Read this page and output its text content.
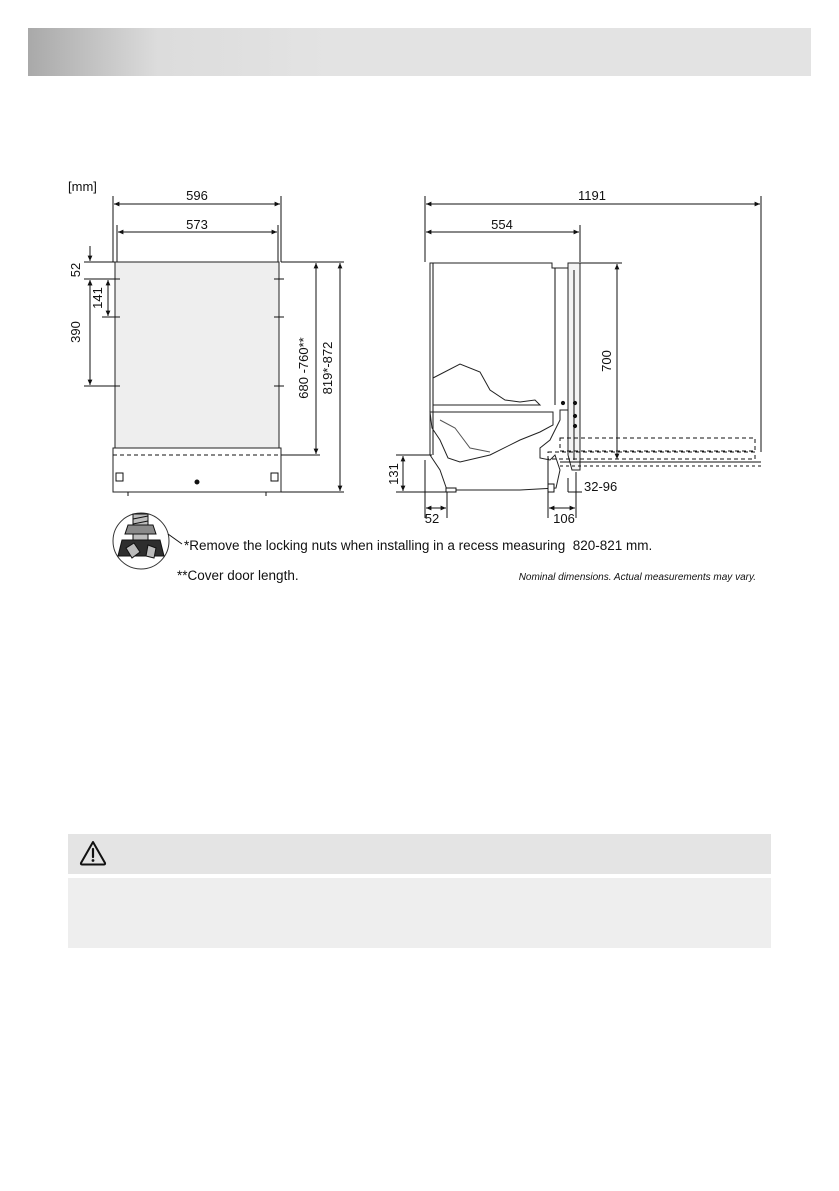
[mm]
596
573
52
141
390
680 -760** 819*-872
1191
554
700
131
52	106
32-96
*Remove the locking nuts when installing in a recess measuring  820-821 mm.
**Cover door length.	Nominal dimensions. Actual measurements may vary.
